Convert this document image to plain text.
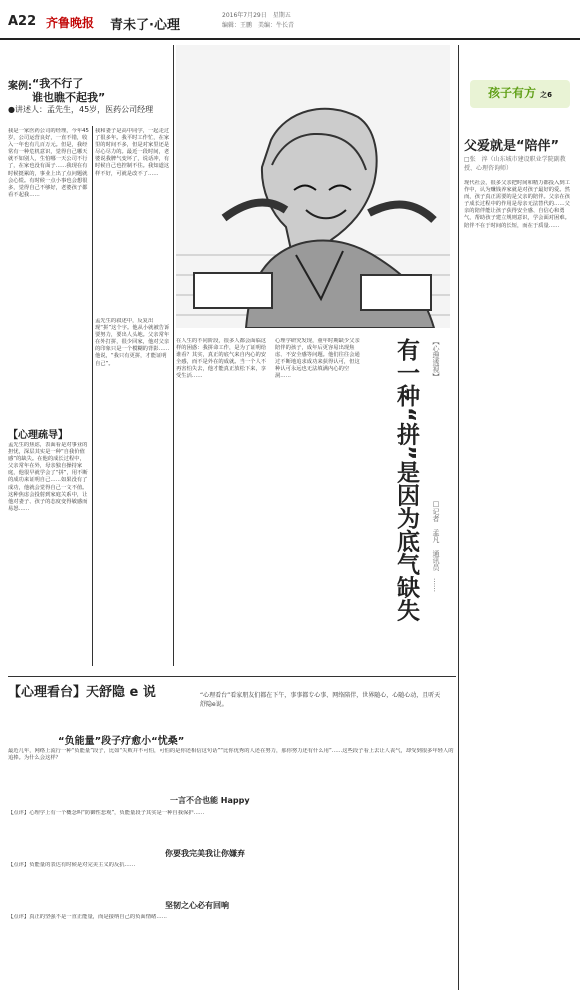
A22 齐鲁晚报 青未了·心理
2016年7月29日　星期五
编辑：王鹏　美编：牛长青
“我不行了
谁也瞧不起我”
案例:
●讲述人：孟先生，45岁，医药公司经理
我是一家医药公司的经理，今年45岁，公司运营良好，一直不错，收入一年也有几百万元。但是，我经常有一种危机意识，觉得自己哪天就不如别人，生怕哪一天公司不行了，在家也没有面子……我现在有时候挺累的，事业上出了点问题就会心慌。有时候一点小事也会想很多，觉得自己不够好，老婆孩子都看不起我……
我和妻子是高中同学，一起走过了很多年。我平时工作忙，在家里的时间不多，但是对家里还是尽心尽力的。最近一段时间，老婆说我脾气变坏了，说话冲，有时候自己也控制不住。我知道这样不好，可就是改不了……
【心理疏导】
孟先生的焦虑，表面看是对事业的担忧，深层其实是一种“自我价值感”的缺失。在他的成长过程中，父亲常年在外，母亲独自操持家庭，他很早就学会了“拼”，用不断的成功来证明自己……如果没有了成功，他就会觉得自己一文不值。这种焦虑会投射到家庭关系中，让他对妻子、孩子的态度变得敏感而易怒……
孟先生的叙述中，反复出现“拼”这个字。他从小就被告诉要努力，要出人头地。父亲常年在外打拼，很少回家，他对父亲的印象只是一个模糊的背影……他说，“我只有更拼，才能证明自己”。
在人生的不同阶段，很多人都会面临这样的困惑：我拼命工作，是为了证明给谁看？其实，真正的底气来自内心的安全感，而不是外在的成就。当一个人不再害怕失去，他才能真正放松下来，享受生活……
心理学研究发现，童年时期缺少父亲陪伴的孩子，成年后更容易出现焦虑、不安全感等问题。他们往往会通过不断地追求成功来获得认可，但这种认可永远也无法填满内心的空洞……	有一种“拼”是因为底气缺失 【心理透视】
□记者　孟凡　通讯员　……
孩子有方 之6
父爱就是“陪伴”
□张　淬（山东城市建设职业学院副教授、心理咨询师）
现代社会，很多父亲把时间和精力都投入到工作中，认为赚钱养家就是对孩子最好的爱。然而，孩子真正需要的是父亲的陪伴。父亲在孩子成长过程中的作用是母亲无法替代的……父亲的陪伴能让孩子获得安全感、自信心和勇气，帮助孩子建立规则意识，学会面对困难。陪伴不在于时间的长短，而在于质量……
【心理看台】天舒隐 e 说	“心理看台”看家朋友们都在下午，事事都专心事、网络陪伴，世界随心，心随心动，且听天舒隐e说。
“负能量”段子疗愈小“忧桑”
最近几年，网络上流行一种“负能量”段子，比如“失败并不可怕，可怕的是你还相信这句话”“比你优秀的人还在努力，那你努力还有什么用”……这些段子看上去让人丧气，却受到很多年轻人的追捧。为什么会这样？
一言不合也能 Happy
【点评】心理学上有一个概念叫“防御性悲观”，负能量段子其实是一种自我保护……
你要我完美我让你嫌弃
【点评】负能量的表达有时候是对完美主义的反抗……
坚韧之心必有回响
【点评】真正的坚强不是一直正能量，而是接纳自己的负面情绪……
